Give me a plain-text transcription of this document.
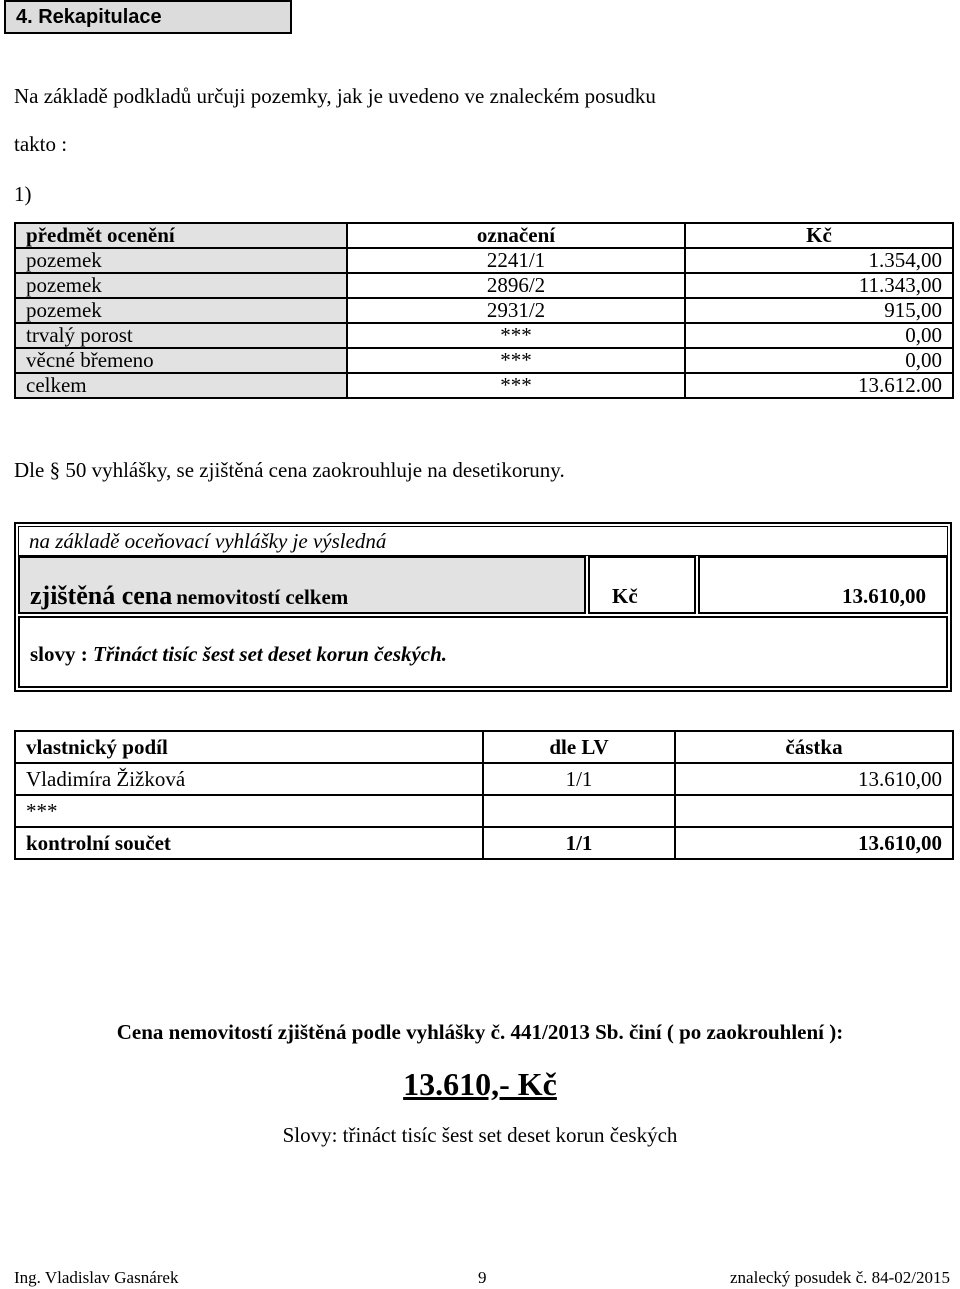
4. Rekapitulace
Na základě podkladů určuji pozemky, jak je uvedeno ve znaleckém posudku
takto :
1)
předmět ocenění	označení	Kč
pozemek	2241/1	1.354,00
pozemek	2896/2	11.343,00
pozemek	2931/2	915,00
trvalý porost	***	0,00
věcné břemeno	***	0,00
celkem	***	13.612.00
Dle § 50 vyhlášky, se zjištěná cena zaokrouhluje na desetikoruny.
na základě oceňovací vyhlášky je výsledná
zjištěná cena nemovitostí celkem	Kč	13.610,00
slovy : Třináct tisíc šest set deset korun českých.
vlastnický podíl	dle LV	částka
Vladimíra Žižková	1/1	13.610,00
***		
kontrolní součet	1/1	13.610,00
Cena nemovitostí zjištěná podle vyhlášky č. 441/2013 Sb. činí ( po zaokrouhlení ):
13.610,- Kč
Slovy: třináct tisíc šest set deset korun českých
Ing. Vladislav Gasnárek	9	znalecký posudek č. 84-02/2015
